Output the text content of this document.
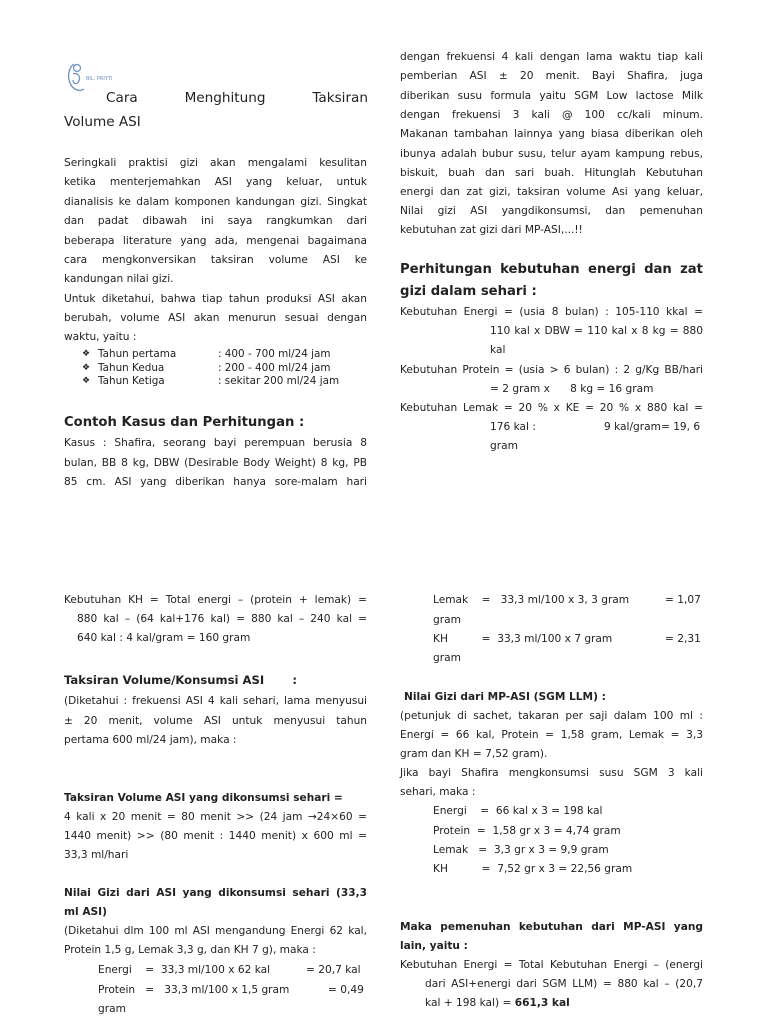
BIL. PRIYTI
Cara	Menghitung	Taksiran
Volume ASI
Seringkali praktisi gizi akan mengalami kesulitan
ketika menterjemahkan ASI yang keluar, untuk
dianalisis ke dalam komponen kandungan gizi. Singkat
dan padat dibawah ini saya rangkumkan dari
beberapa literature yang ada, mengenai bagaimana
cara mengkonversikan taksiran volume ASI ke
kandungan nilai gizi.
Untuk diketahui, bahwa tiap tahun produksi ASI akan
berubah, volume ASI akan menurun sesuai dengan
waktu, yaitu :
❖ Tahun pertama	: 400 - 700 ml/24 jam
❖ Tahun Kedua	: 200 - 400 ml/24 jam
❖ Tahun Ketiga	: sekitar 200 ml/24 jam
Contoh Kasus dan Perhitungan :
Kasus : Shafira, seorang bayi perempuan berusia 8
bulan, BB 8 kg, DBW (Desirable Body Weight) 8 kg, PB
85 cm. ASI yang diberikan hanya sore-malam hari
dengan frekuensi 4 kali dengan lama waktu tiap kali
pemberian ASI ± 20 menit. Bayi Shafira, juga
diberikan susu formula yaitu SGM Low lactose Milk
dengan frekuensi 3 kali @ 100 cc/kali minum.
Makanan tambahan lainnya yang biasa diberikan oleh
ibunya adalah bubur susu, telur ayam kampung rebus,
biskuit, buah dan sari buah. Hitunglah Kebutuhan
energi dan zat gizi, taksiran volume Asi yang keluar,
Nilai gizi ASI yangdikonsumsi, dan pemenuhan
kebutuhan zat gizi dari MP-ASI,...!!
Perhitungan kebutuhan energi dan zat
gizi dalam sehari :
Kebutuhan Energi = (usia 8 bulan) : 105-110 kkal =
110 kal x DBW = 110 kal x 8 kg = 880
kal
Kebutuhan Protein = (usia > 6 bulan) : 2 g/Kg BB/hari
= 2 gram x      8 kg = 16 gram
Kebutuhan Lemak = 20 % x KE = 20 % x 880 kal =
176 kal :	9 kal/gram= 19, 6
gram
Kebutuhan KH = Total energi – (protein + lemak) =
880 kal – (64 kal+176 kal) = 880 kal – 240 kal =
640 kal : 4 kal/gram = 160 gram
Taksiran Volume/Konsumsi ASI       :
(Diketahui : frekuensi ASI 4 kali sehari, lama menyusui
± 20 menit, volume ASI untuk menyusui tahun
pertama 600 ml/24 jam), maka :
Taksiran Volume ASI yang dikonsumsi sehari =
4 kali x 20 menit = 80 menit >> (24 jam →24×60 =
1440 menit) >> (80 menit : 1440 menit) x 600 ml =
33,3 ml/hari
Nilai Gizi dari ASI yang dikonsumsi sehari (33,3
ml ASI)
(Diketahui dlm 100 ml ASI mengandung Energi 62 kal,
Protein 1,5 g, Lemak 3,3 g, dan KH 7 g), maka :
Energi    =  33,3 ml/100 x 62 kal	= 20,7 kal
Protein   =   33,3 ml/100 x 1,5 gram	= 0,49
gram
Lemak    =   33,3 ml/100 x 3, 3 gram	= 1,07
gram
KH          =  33,3 ml/100 x 7 gram	= 2,31
gram
Nilai Gizi dari MP-ASI (SGM LLM) :
(petunjuk di sachet, takaran per saji dalam 100 ml :
Energi = 66 kal, Protein = 1,58 gram, Lemak = 3,3
gram dan KH = 7,52 gram).
Jika bayi Shafira mengkonsumsi susu SGM 3 kali
sehari, maka :
Energi    =  66 kal x 3 = 198 kal
Protein  =  1,58 gr x 3 = 4,74 gram
Lemak   =  3,3 gr x 3 = 9,9 gram
KH          =  7,52 gr x 3 = 22,56 gram
Maka pemenuhan kebutuhan dari MP-ASI yang
lain, yaitu :
Kebutuhan Energi = Total Kebutuhan Energi – (energi
dari ASI+energi dari SGM LLM) = 880 kal – (20,7
kal + 198 kal) = 661,3 kal
